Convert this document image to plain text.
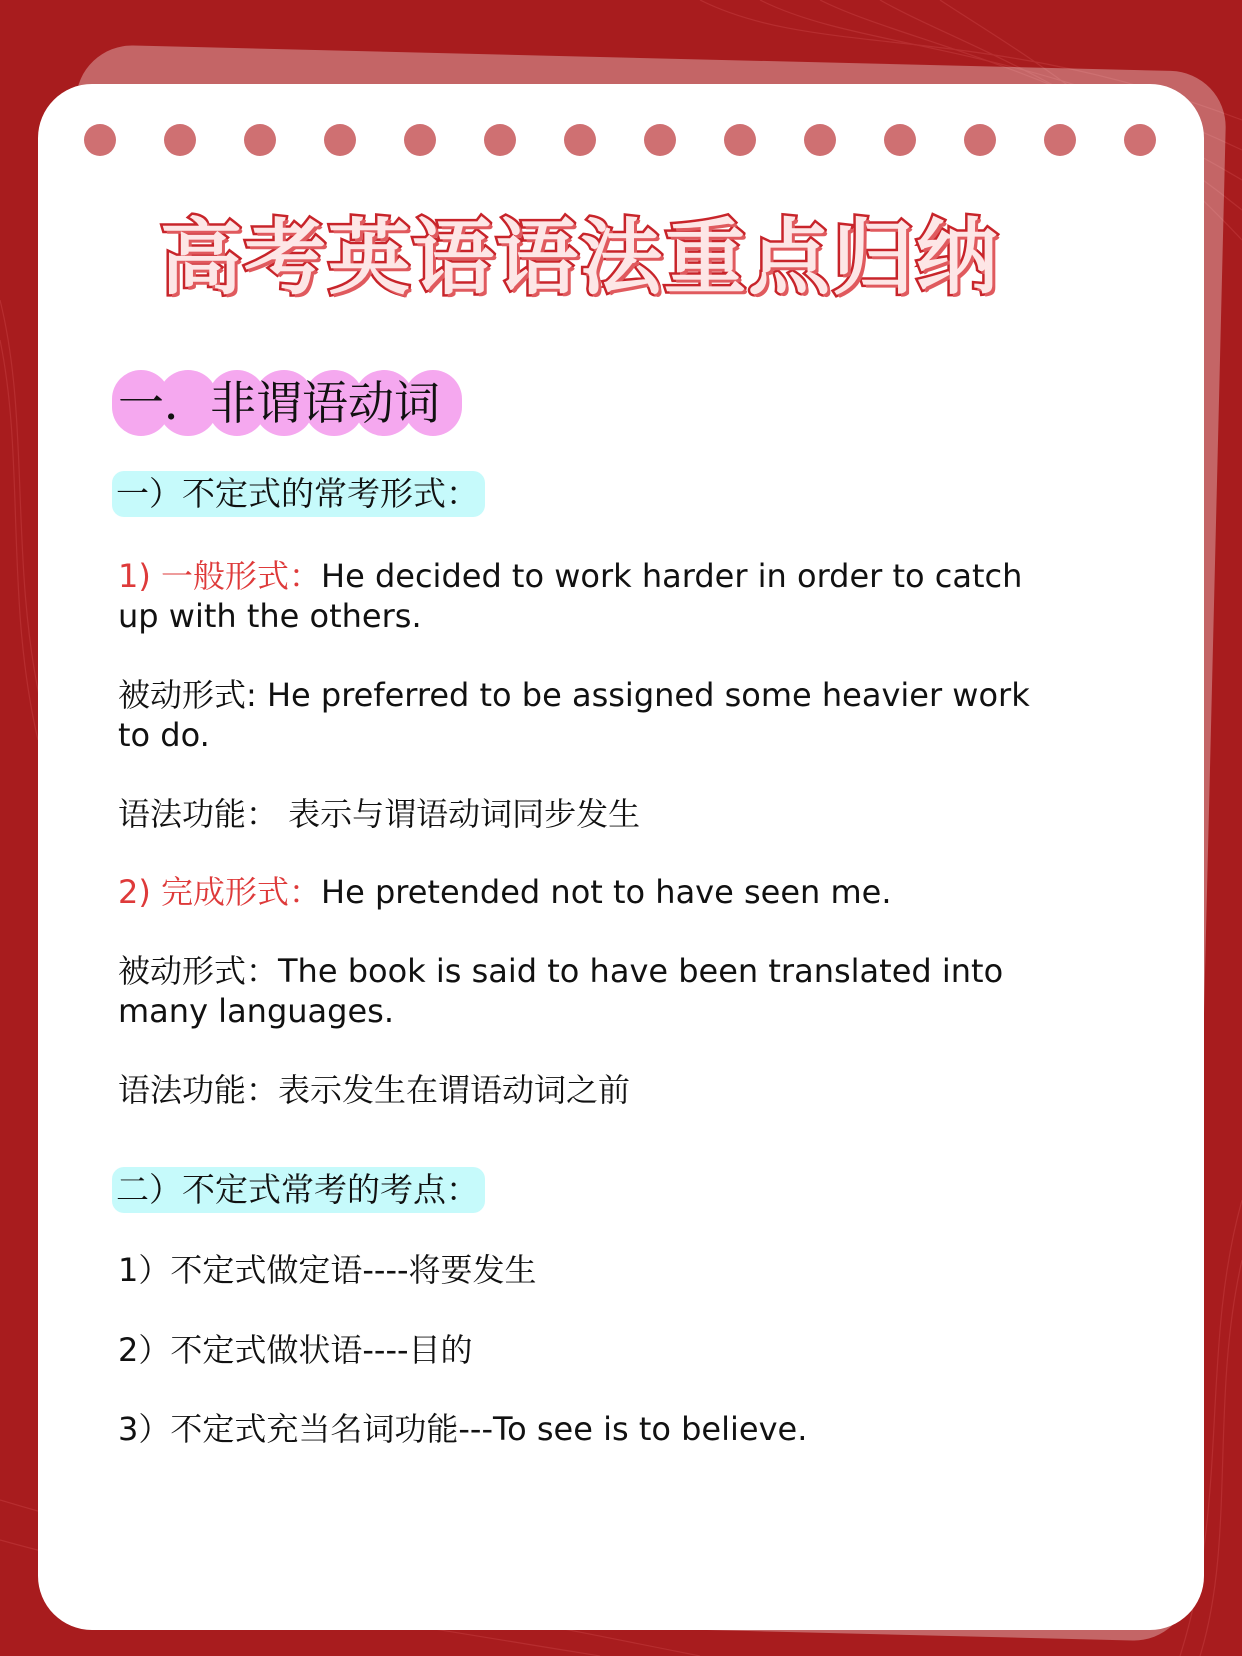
高考英语语法重点归纳
一．非谓语动词
一）不定式的常考形式：
1) 一般形式：He decided to work harder in order to catch up with the others.
被动形式: He preferred to be assigned some heavier work to do.
语法功能： 表示与谓语动词同步发生
2) 完成形式：He pretended not to have seen me.
被动形式：The book is said to have been translated into many languages.
语法功能：表示发生在谓语动词之前
二）不定式常考的考点：
1）不定式做定语----将要发生
2）不定式做状语----目的
3）不定式充当名词功能---To see is to believe.
